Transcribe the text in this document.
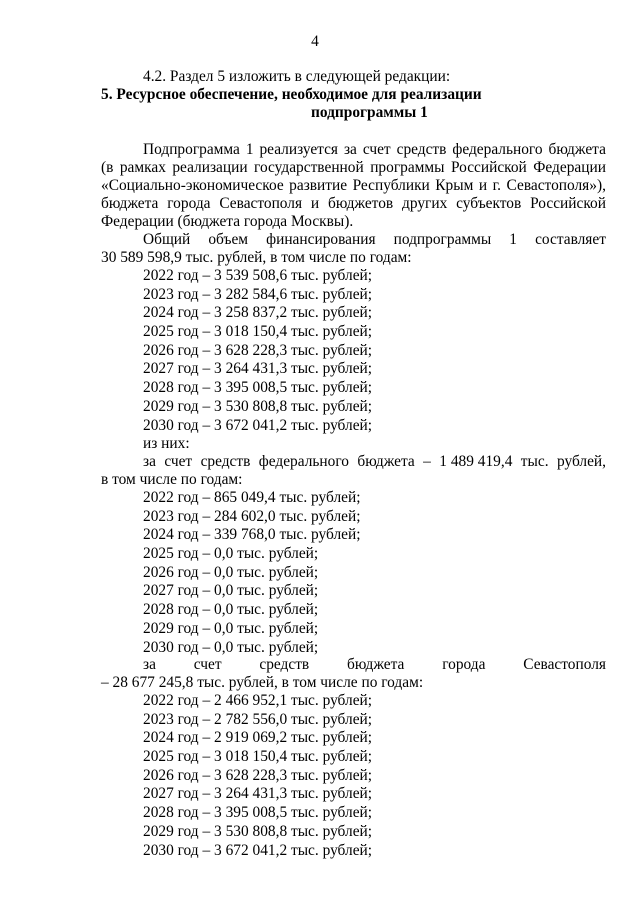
4
4.2. Раздел 5 изложить в следующей редакции:
5. Ресурсное обеспечение, необходимое для реализации
подпрограммы 1
Подпрограмма 1 реализуется за счет средств федерального бюджета
(в рамках реализации государственной программы Российской Федерации
«Социально-экономическое развитие Республики Крым и г. Севастополя»),
бюджета города Севастополя и бюджетов других субъектов Российской
Федерации (бюджета города Москвы).
Общий объем финансирования подпрограммы 1 составляет
30 589 598,9 тыс. рублей, в том числе по годам:
2022 год – 3 539 508,6 тыс. рублей;
2023 год – 3 282 584,6 тыс. рублей;
2024 год – 3 258 837,2 тыс. рублей;
2025 год – 3 018 150,4 тыс. рублей;
2026 год – 3 628 228,3 тыс. рублей;
2027 год – 3 264 431,3 тыс. рублей;
2028 год – 3 395 008,5 тыс. рублей;
2029 год – 3 530 808,8 тыс. рублей;
2030 год – 3 672 041,2 тыс. рублей;
из них:
за счет средств федерального бюджета – 1 489 419,4 тыс. рублей,
в том числе по годам:
2022 год – 865 049,4 тыс. рублей;
2023 год – 284 602,0 тыс. рублей;
2024 год – 339 768,0 тыс. рублей;
2025 год – 0,0 тыс. рублей;
2026 год – 0,0 тыс. рублей;
2027 год – 0,0 тыс. рублей;
2028 год – 0,0 тыс. рублей;
2029 год – 0,0 тыс. рублей;
2030 год – 0,0 тыс. рублей;
за счет средств бюджета города Севастополя
– 28 677 245,8 тыс. рублей, в том числе по годам:
2022 год – 2 466 952,1 тыс. рублей;
2023 год – 2 782 556,0 тыс. рублей;
2024 год – 2 919 069,2 тыс. рублей;
2025 год – 3 018 150,4 тыс. рублей;
2026 год – 3 628 228,3 тыс. рублей;
2027 год – 3 264 431,3 тыс. рублей;
2028 год – 3 395 008,5 тыс. рублей;
2029 год – 3 530 808,8 тыс. рублей;
2030 год – 3 672 041,2 тыс. рублей;
